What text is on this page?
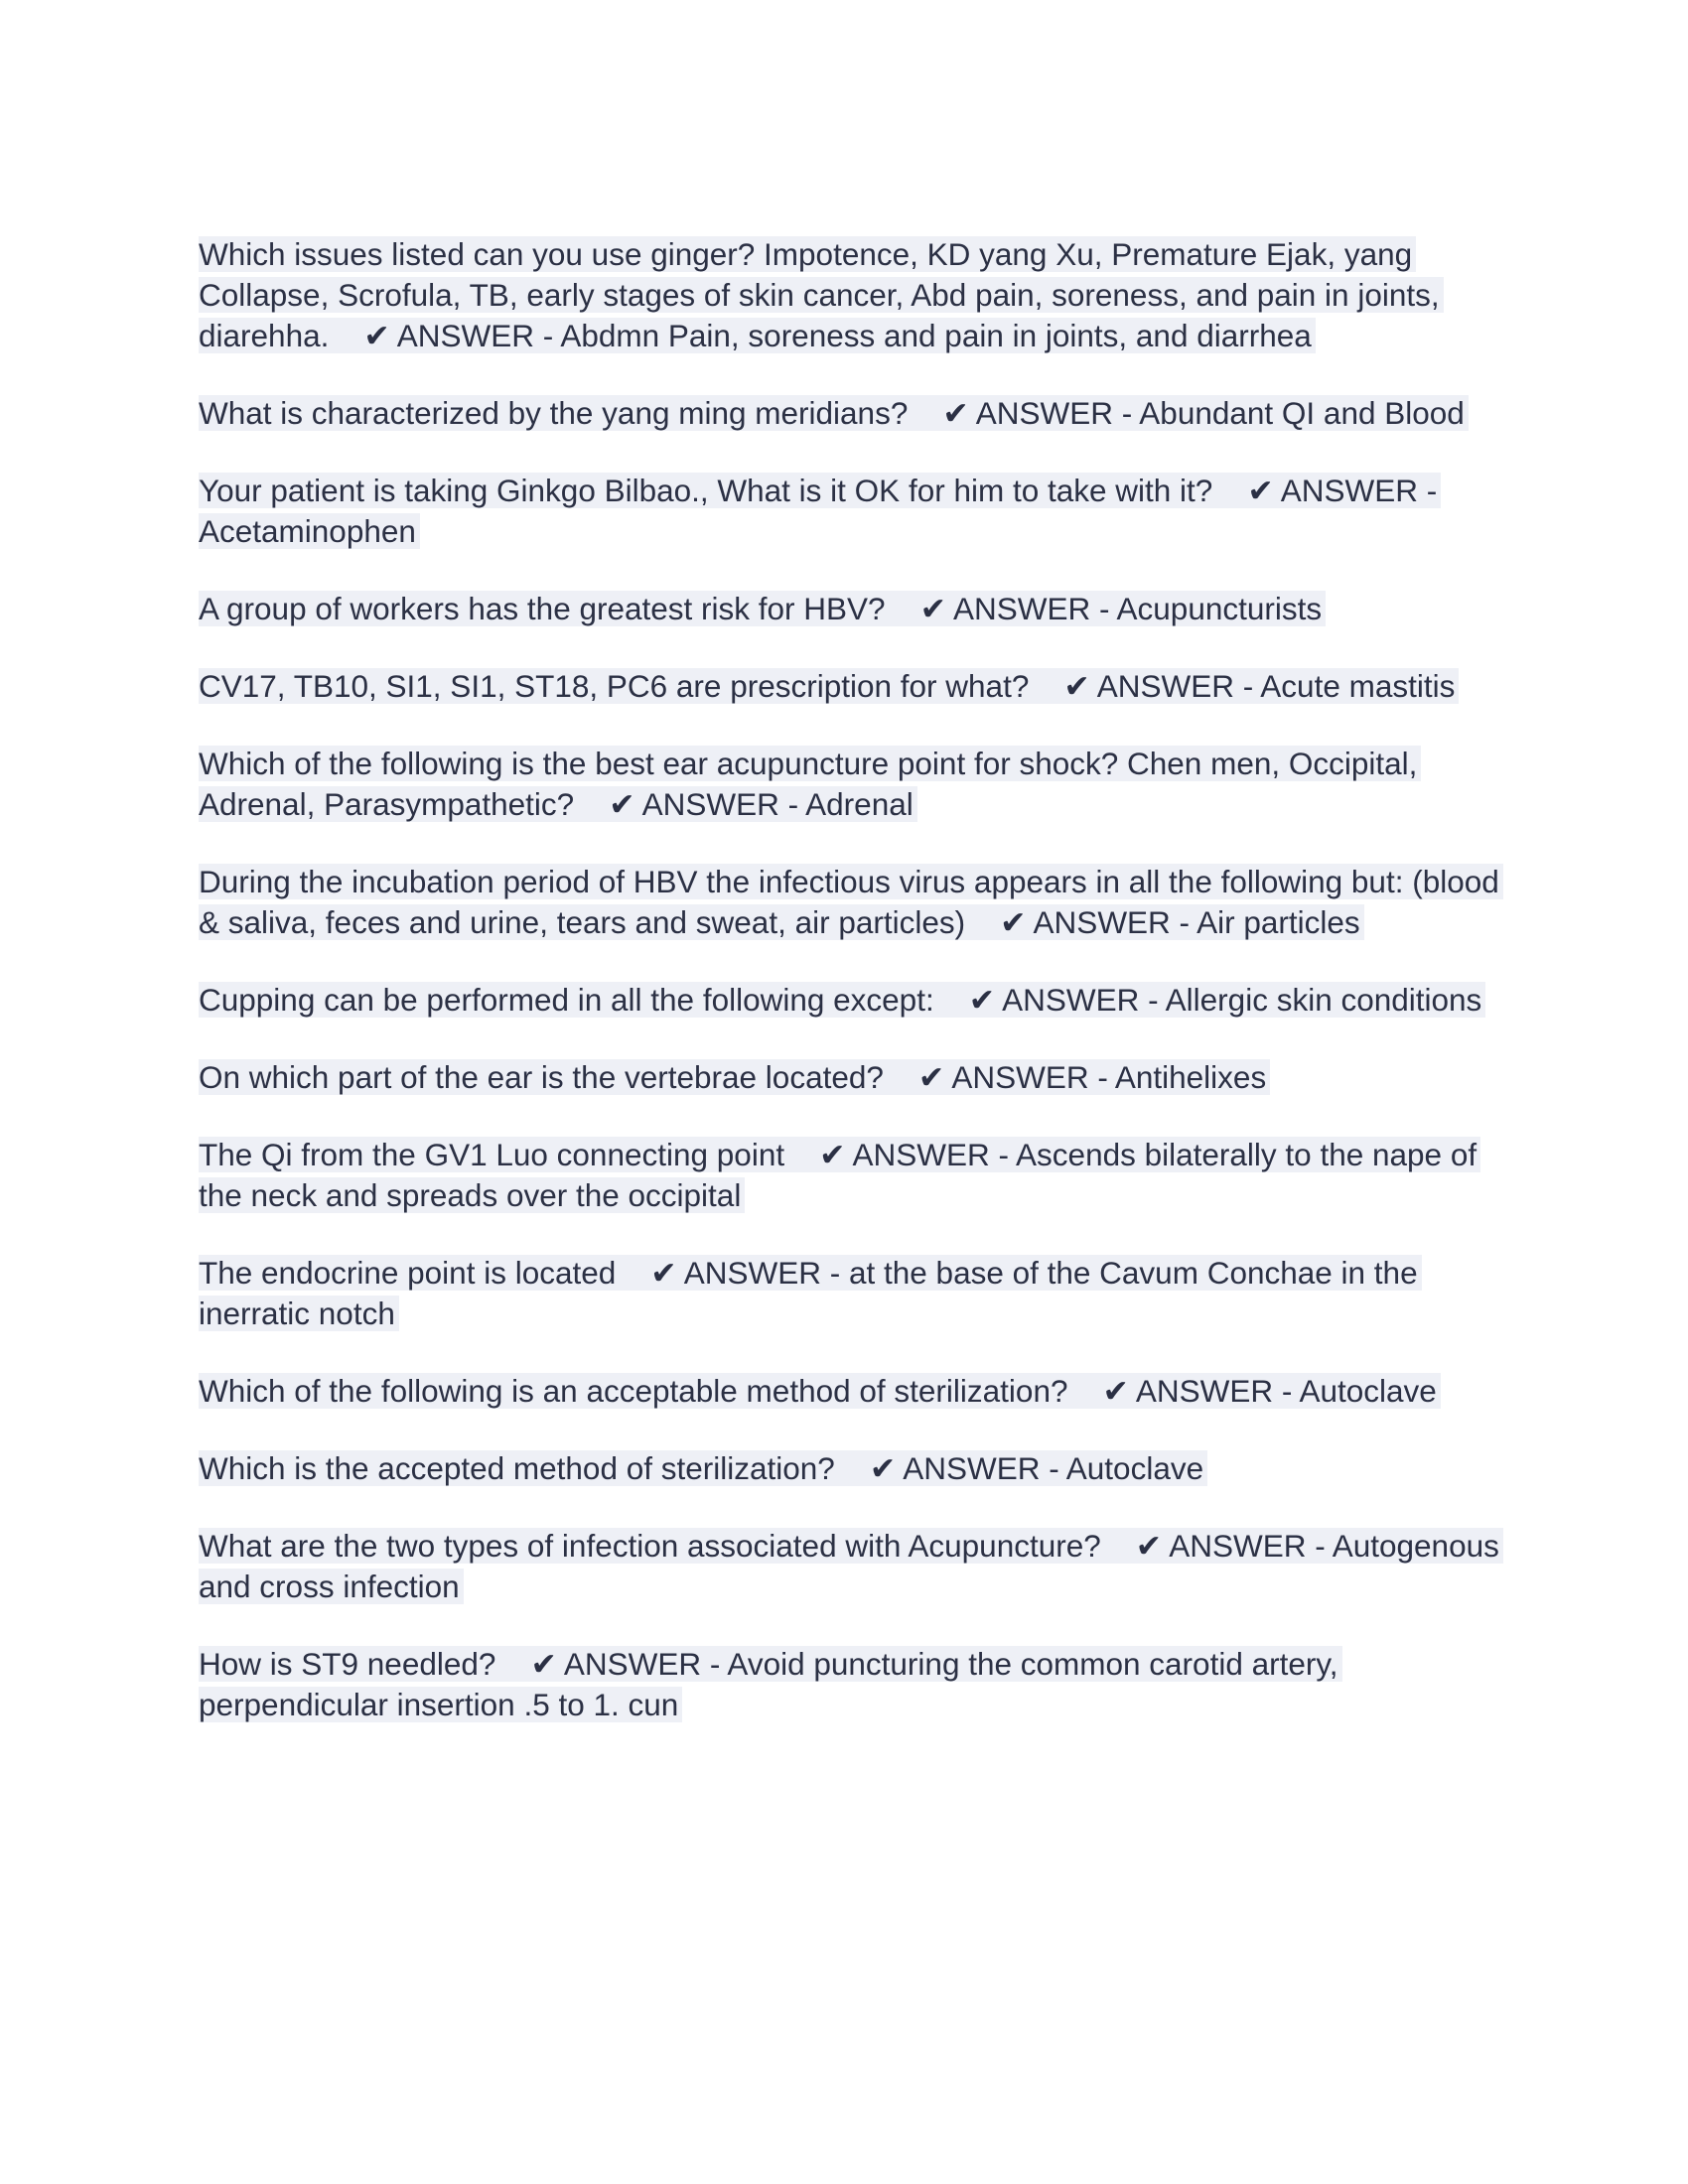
Which issues listed can you use ginger? Impotence, KD yang Xu, Premature Ejak, yang Collapse, Scrofula, TB, early stages of skin cancer, Abd pain, soreness, and pain in joints, diarehha. ✔ ANSWER - Abdmn Pain, soreness and pain in joints, and diarrhea

What is characterized by the yang ming meridians? ✔ ANSWER - Abundant QI and Blood

Your patient is taking Ginkgo Bilbao., What is it OK for him to take with it? ✔ ANSWER - Acetaminophen

A group of workers has the greatest risk for HBV? ✔ ANSWER - Acupuncturists

CV17, TB10, SI1, SI1, ST18, PC6 are prescription for what? ✔ ANSWER - Acute mastitis

Which of the following is the best ear acupuncture point for shock? Chen men, Occipital, Adrenal, Parasympathetic? ✔ ANSWER - Adrenal

During the incubation period of HBV the infectious virus appears in all the following but: (blood & saliva, feces and urine, tears and sweat, air particles) ✔ ANSWER - Air particles

Cupping can be performed in all the following except: ✔ ANSWER - Allergic skin conditions

On which part of the ear is the vertebrae located? ✔ ANSWER - Antihelixes

The Qi from the GV1 Luo connecting point ✔ ANSWER - Ascends bilaterally to the nape of the neck and spreads over the occipital

The endocrine point is located ✔ ANSWER - at the base of the Cavum Conchae in the inerratic notch

Which of the following is an acceptable method of sterilization? ✔ ANSWER - Autoclave

Which is the accepted method of sterilization? ✔ ANSWER - Autoclave

What are the two types of infection associated with Acupuncture? ✔ ANSWER - Autogenous and cross infection

How is ST9 needled? ✔ ANSWER - Avoid puncturing the common carotid artery, perpendicular insertion .5 to 1. cun
